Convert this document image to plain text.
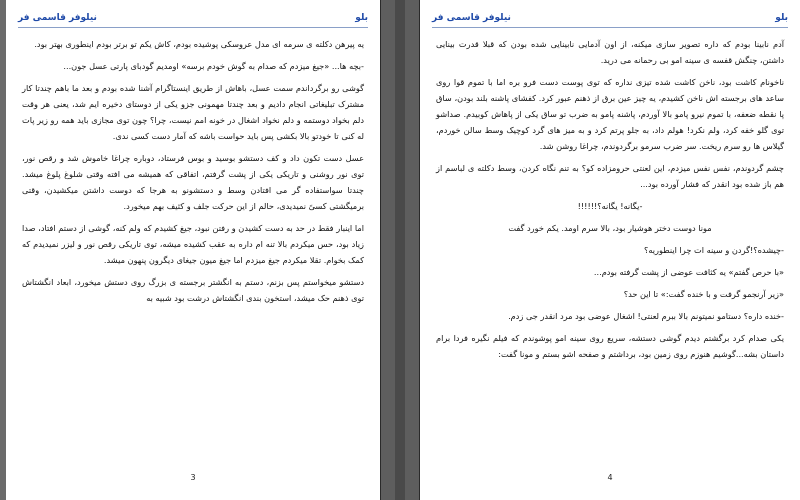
نیلوفر قاسمی فر	بلو

یه پیرهن دکلته ی سرمه ای مدل عروسکی پوشیده بودم، کاش یکم تو برتر بودم اینطوری بهتر بود.

-بچه ها... «جیغ میزدم که صدام به گوش خودم برسه» اومدیم گودبای پارتی عسل جون...

گوشی رو برگرداندم سمت عسل، باهاش از طریق اینستاگرام آشنا شده بودم و بعد ما باهم چندتا کار مشترک تبلیغاتی انجام دادیم و بعد چندتا مهمونی جزو یکی از دوستای دخیره ایم شد، یعنی هر وقت دلم بخواد دوستمه و دلم نخواد اشغال در خونه امم نیست، چرا؟ چون توی مجازی باید همه رو زیر پات له کنی تا خودتو بالا بکشی پس باید حواست باشه که آمار دست کسی ندی.

عسل دست تکون داد و کف دستشو بوسید و بوس فرستاد، دوباره چراغا خاموش شد و رقص نور، توی نور روشنی و تاریکی یکی از پشت گرفتم، اتفاقی که همیشه می افته وقتی شلوغ پلوغ میشد. چندتا سواستفاده گر می افتادن وسط و دستشونو به هرجا که دوست داشتن میکشیدن، وقتی برمیگشتی کسیً نمیدیدی، حالم از این حرکت جلف و کثیف بهم میخورد.

اما اینبار فقط در حد به دست کشیدن و رفتن نبود، جیغ کشیدم که ولم کنه، گوشی از دستم افتاد، صدا زیاد بود، حس میکردم بالا تنه ام داره به عقب کشیده میشه، توی تاریکی رقص نور و لیزر نمیدیدم که کمک بخوام. تقلا میکردم جیغ میزدم اما جیغ میون جیغای دیگرون پنهون میشد.

دستشو میخواستم پس بزنم، دستم به انگشتر برجسته ی بزرگ روی دستش میخورد، ابعاد انگشتاش توی ذهنم حک میشد، استخون بندی انگشتاش درشت بود شبیه به

3
نیلوفر قاسمی فر	بلو

آدم نابینا بودم که داره تصویر سازی میکنه، از اون آدمایی نابینایی شده بودن که قبلا قدرت بینایی داشتن، چنگش قفسه ی سینه امو بی رحمانه می درید.

ناخونام کاشت بود، ناخن کاشت شده تیزی نداره که توی پوست دست فرو بره اما با تموم قوا روی ساعد های برجسته اش ناخن کشیدم، یه چیز عین برق از ذهنم عبور کرد. کفشای پاشنه بلند بودن، ساق پا نقطه ضعفه، با تموم نیرو پامو بالا آوردم، پاشنه پامو به ضرب تو ساق یکی از پاهاش کوبیدم. صداشو توی گلو خفه کرد، ولم نکرد! هولم داد، به جلو پرتم کرد و به میز های گرد کوچیک وسط سالن خوردم، گیلاس ها رو سرم ریخت. سر ضرب سرمو برگردوندم، چراغا روشن شد.

چشم گردوندم، نفس نفس میزدم، این لعنتی حرومزاده کو؟ به تنم نگاه کردن، وسط دکلته ی لباسم از هم باز شده بود انقدر که فشار آورده بود...

-یگانه! یگانه؟!!!!!!

مونا دوست دختر هوشیار بود، بالا سرم اومد. یکم خورد گفت

-چیشده؟!گردن و سینه ات چرا اینطوریه؟

«با حرص گفتم» یه کثافت عوضی از پشت گرفته بودم...

«زیر آرنجمو گرفت و با خنده گفت:» تا این حد؟

-خنده داره؟ دستامو نمیتونم بالا ببرم لعنتی! اشغال عوضی بود مرد انقدر جی زدم.

یکی صدام کرد برگشتم دیدم گوشی دستشه، سریع روی سینه امو پوشوندم که فیلم نگیره فردا برام داستان بشه...گوشیم هنوزم روی زمین بود، برداشتم و صفحه اشو بستم و مونا گفت:

4
